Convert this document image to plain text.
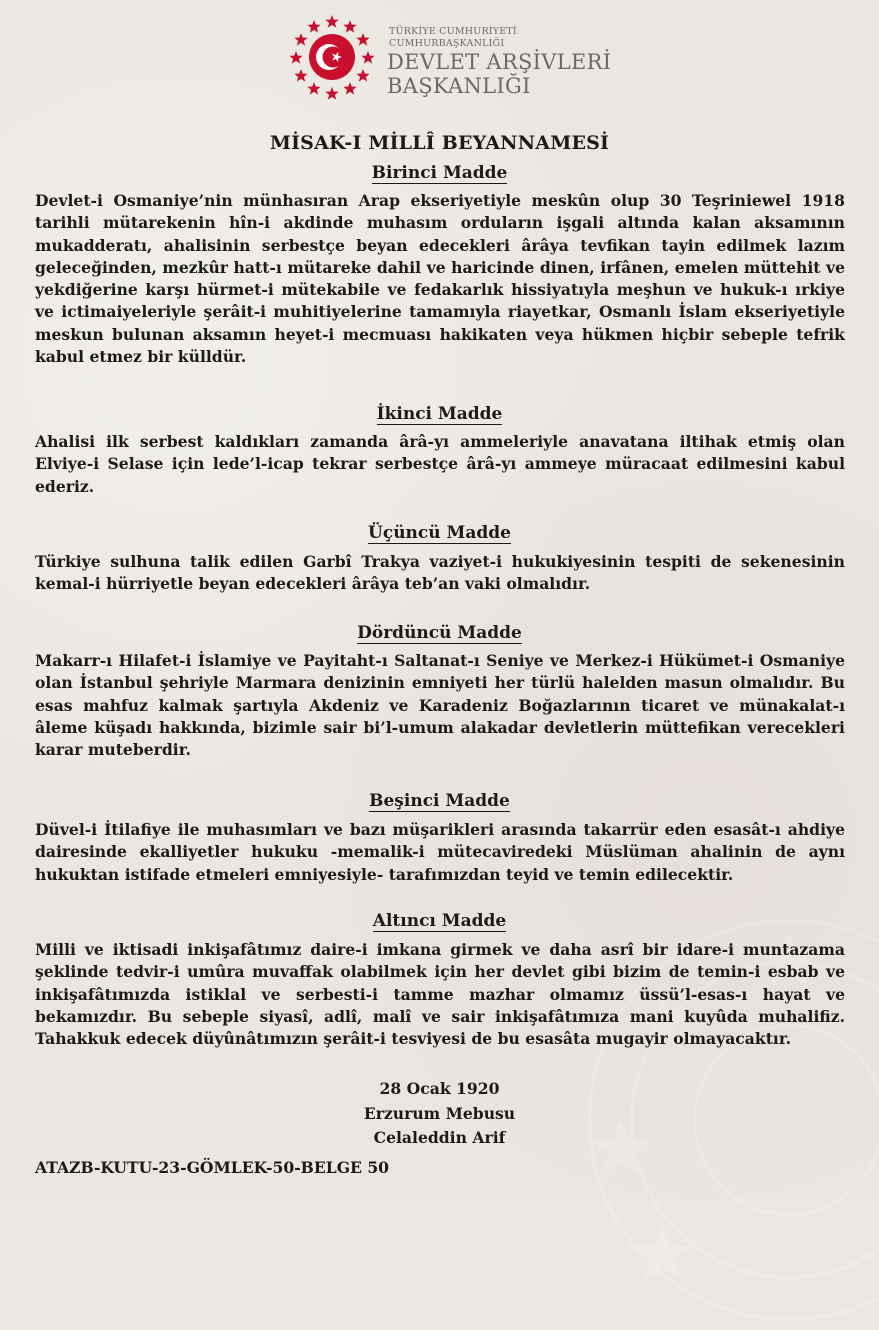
TÜRKİYE CUMHURİYETİ
CUMHURBAŞKANLIĞI
DEVLET ARŞİVLERİ
BAŞKANLIĞI
MİSAK-I MİLLÎ BEYANNAMESİ
Birinci Madde
Devlet-i Osmaniye’nin münhasıran Arap ekseriyetiyle meskûn olup 30 Teşriniewel 1918 tarihli mütarekenin hîn-i akdinde muhasım orduların işgali altında kalan aksamının mukadderatı, ahalisinin serbestçe beyan edecekleri ârâya tevfikan tayin edilmek lazım geleceğinden, mezkûr hatt-ı mütareke dahil ve haricinde dinen, irfânen, emelen müttehit ve yekdiğerine karşı hürmet-i mütekabile ve fedakarlık hissiyatıyla meşhun ve hukuk-ı ırkiye ve ictimaiyeleriyle şerâit-i muhitiyelerine tamamıyla riayetkar, Osmanlı İslam ekseriyetiyle meskun bulunan aksamın heyet-i mecmuası hakikaten veya hükmen hiçbir sebeple tefrik kabul etmez bir külldür.
İkinci Madde
Ahalisi ilk serbest kaldıkları zamanda ârâ-yı ammeleriyle anavatana iltihak etmiş olan Elviye-i Selase için lede’l-icap tekrar serbestçe ârâ-yı ammeye müracaat edilmesini kabul ederiz.
Üçüncü Madde
Türkiye sulhuna talik edilen Garbî Trakya vaziyet-i hukukiyesinin tespiti de sekenesinin kemal-i hürriyetle beyan edecekleri ârâya teb’an vaki olmalıdır.
Dördüncü Madde
Makarr-ı Hilafet-i İslamiye ve Payitaht-ı Saltanat-ı Seniye ve Merkez-i Hükümet-i Osmaniye olan İstanbul şehriyle Marmara denizinin emniyeti her türlü halelden masun olmalıdır. Bu esas mahfuz kalmak şartıyla Akdeniz ve Karadeniz Boğazlarının ticaret ve münakalat-ı âleme küşadı hakkında, bizimle sair bi’l-umum alakadar devletlerin müttefikan verecekleri karar muteberdir.
Beşinci Madde
Düvel-i İtilafiye ile muhasımları ve bazı müşarikleri arasında takarrür eden esasât-ı ahdiye dairesinde ekalliyetler hukuku -memalik-i mütecaviredeki Müslüman ahalinin de aynı hukuktan istifade etmeleri emniyesiyle- tarafımızdan teyid ve temin edilecektir.
Altıncı Madde
Milli ve iktisadi inkişafâtımız daire-i imkana girmek ve daha asrî bir idare-i muntazama şeklinde tedvir-i umûra muvaffak olabilmek için her devlet gibi bizim de temin-i esbab ve inkişafâtımızda istiklal ve serbesti-i tamme mazhar olmamız üssü’l-esas-ı hayat ve bekamızdır. Bu sebeple siyasî, adlî, malî ve sair inkişafâtımıza mani kuyûda muhalifiz. Tahakkuk edecek düyûnâtımızın şerâit-i tesviyesi de bu esasâta mugayir olmayacaktır.
28 Ocak 1920
Erzurum Mebusu
Celaleddin Arif
ATAZB-KUTU-23-GÖMLEK-50-BELGE 50
